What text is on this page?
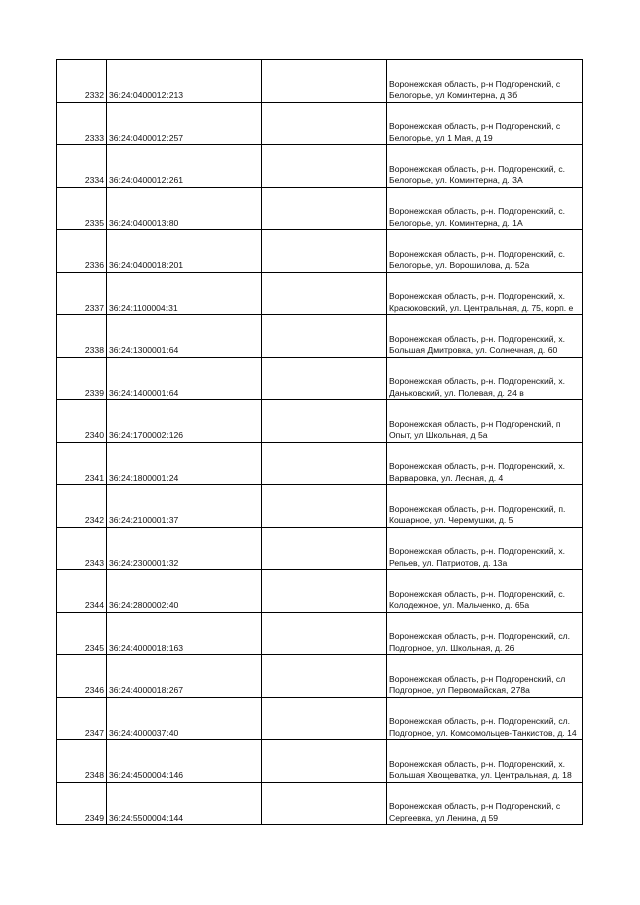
2332	36:24:0400012:213		Воронежская область, р-н Подгоренский, с Белогорье, ул Коминтерна, д 3б
2333	36:24:0400012:257		Воронежская область, р-н Подгоренский, с Белогорье, ул 1 Мая, д 19
2334	36:24:0400012:261		Воронежская область, р-н. Подгоренский, с. Белогорье, ул. Коминтерна, д. 3А
2335	36:24:0400013:80		Воронежская область, р-н. Подгоренский, с. Белогорье, ул. Коминтерна, д. 1А
2336	36:24:0400018:201		Воронежская область, р-н. Подгоренский, с. Белогорье, ул. Ворошилова, д. 52а
2337	36:24:1100004:31		Воронежская область, р-н. Подгоренский, х. Красюковский, ул. Центральная, д. 75, корп. е
2338	36:24:1300001:64		Воронежская область, р-н. Подгоренский, х. Большая Дмитровка, ул. Солнечная, д. 60
2339	36:24:1400001:64		Воронежская область, р-н. Подгоренский, х. Даньковский, ул. Полевая, д. 24 в
2340	36:24:1700002:126		Воронежская область, р-н Подгоренский, п Опыт, ул Школьная, д 5а
2341	36:24:1800001:24		Воронежская область, р-н. Подгоренский, х. Варваровка, ул. Лесная, д. 4
2342	36:24:2100001:37		Воронежская область, р-н. Подгоренский, п. Кошарное, ул. Черемушки, д. 5
2343	36:24:2300001:32		Воронежская область, р-н. Подгоренский, х. Репьев, ул. Патриотов, д. 13а
2344	36:24:2800002:40		Воронежская область, р-н. Подгоренский, с. Колодежное, ул. Мальченко, д. 65а
2345	36:24:4000018:163		Воронежская область, р-н. Подгоренский, сл. Подгорное, ул. Школьная, д. 26
2346	36:24:4000018:267		Воронежская область, р-н Подгоренский, сл Подгорное, ул Первомайская, 278а
2347	36:24:4000037:40		Воронежская область, р-н. Подгоренский, сл. Подгорное, ул. Комсомольцев-Танкистов, д. 14
2348	36:24:4500004:146		Воронежская область, р-н. Подгоренский, х. Большая Хвощеватка, ул. Центральная, д. 18
2349	36:24:5500004:144		Воронежская область, р-н Подгоренский, с Сергеевка, ул Ленина, д 59
